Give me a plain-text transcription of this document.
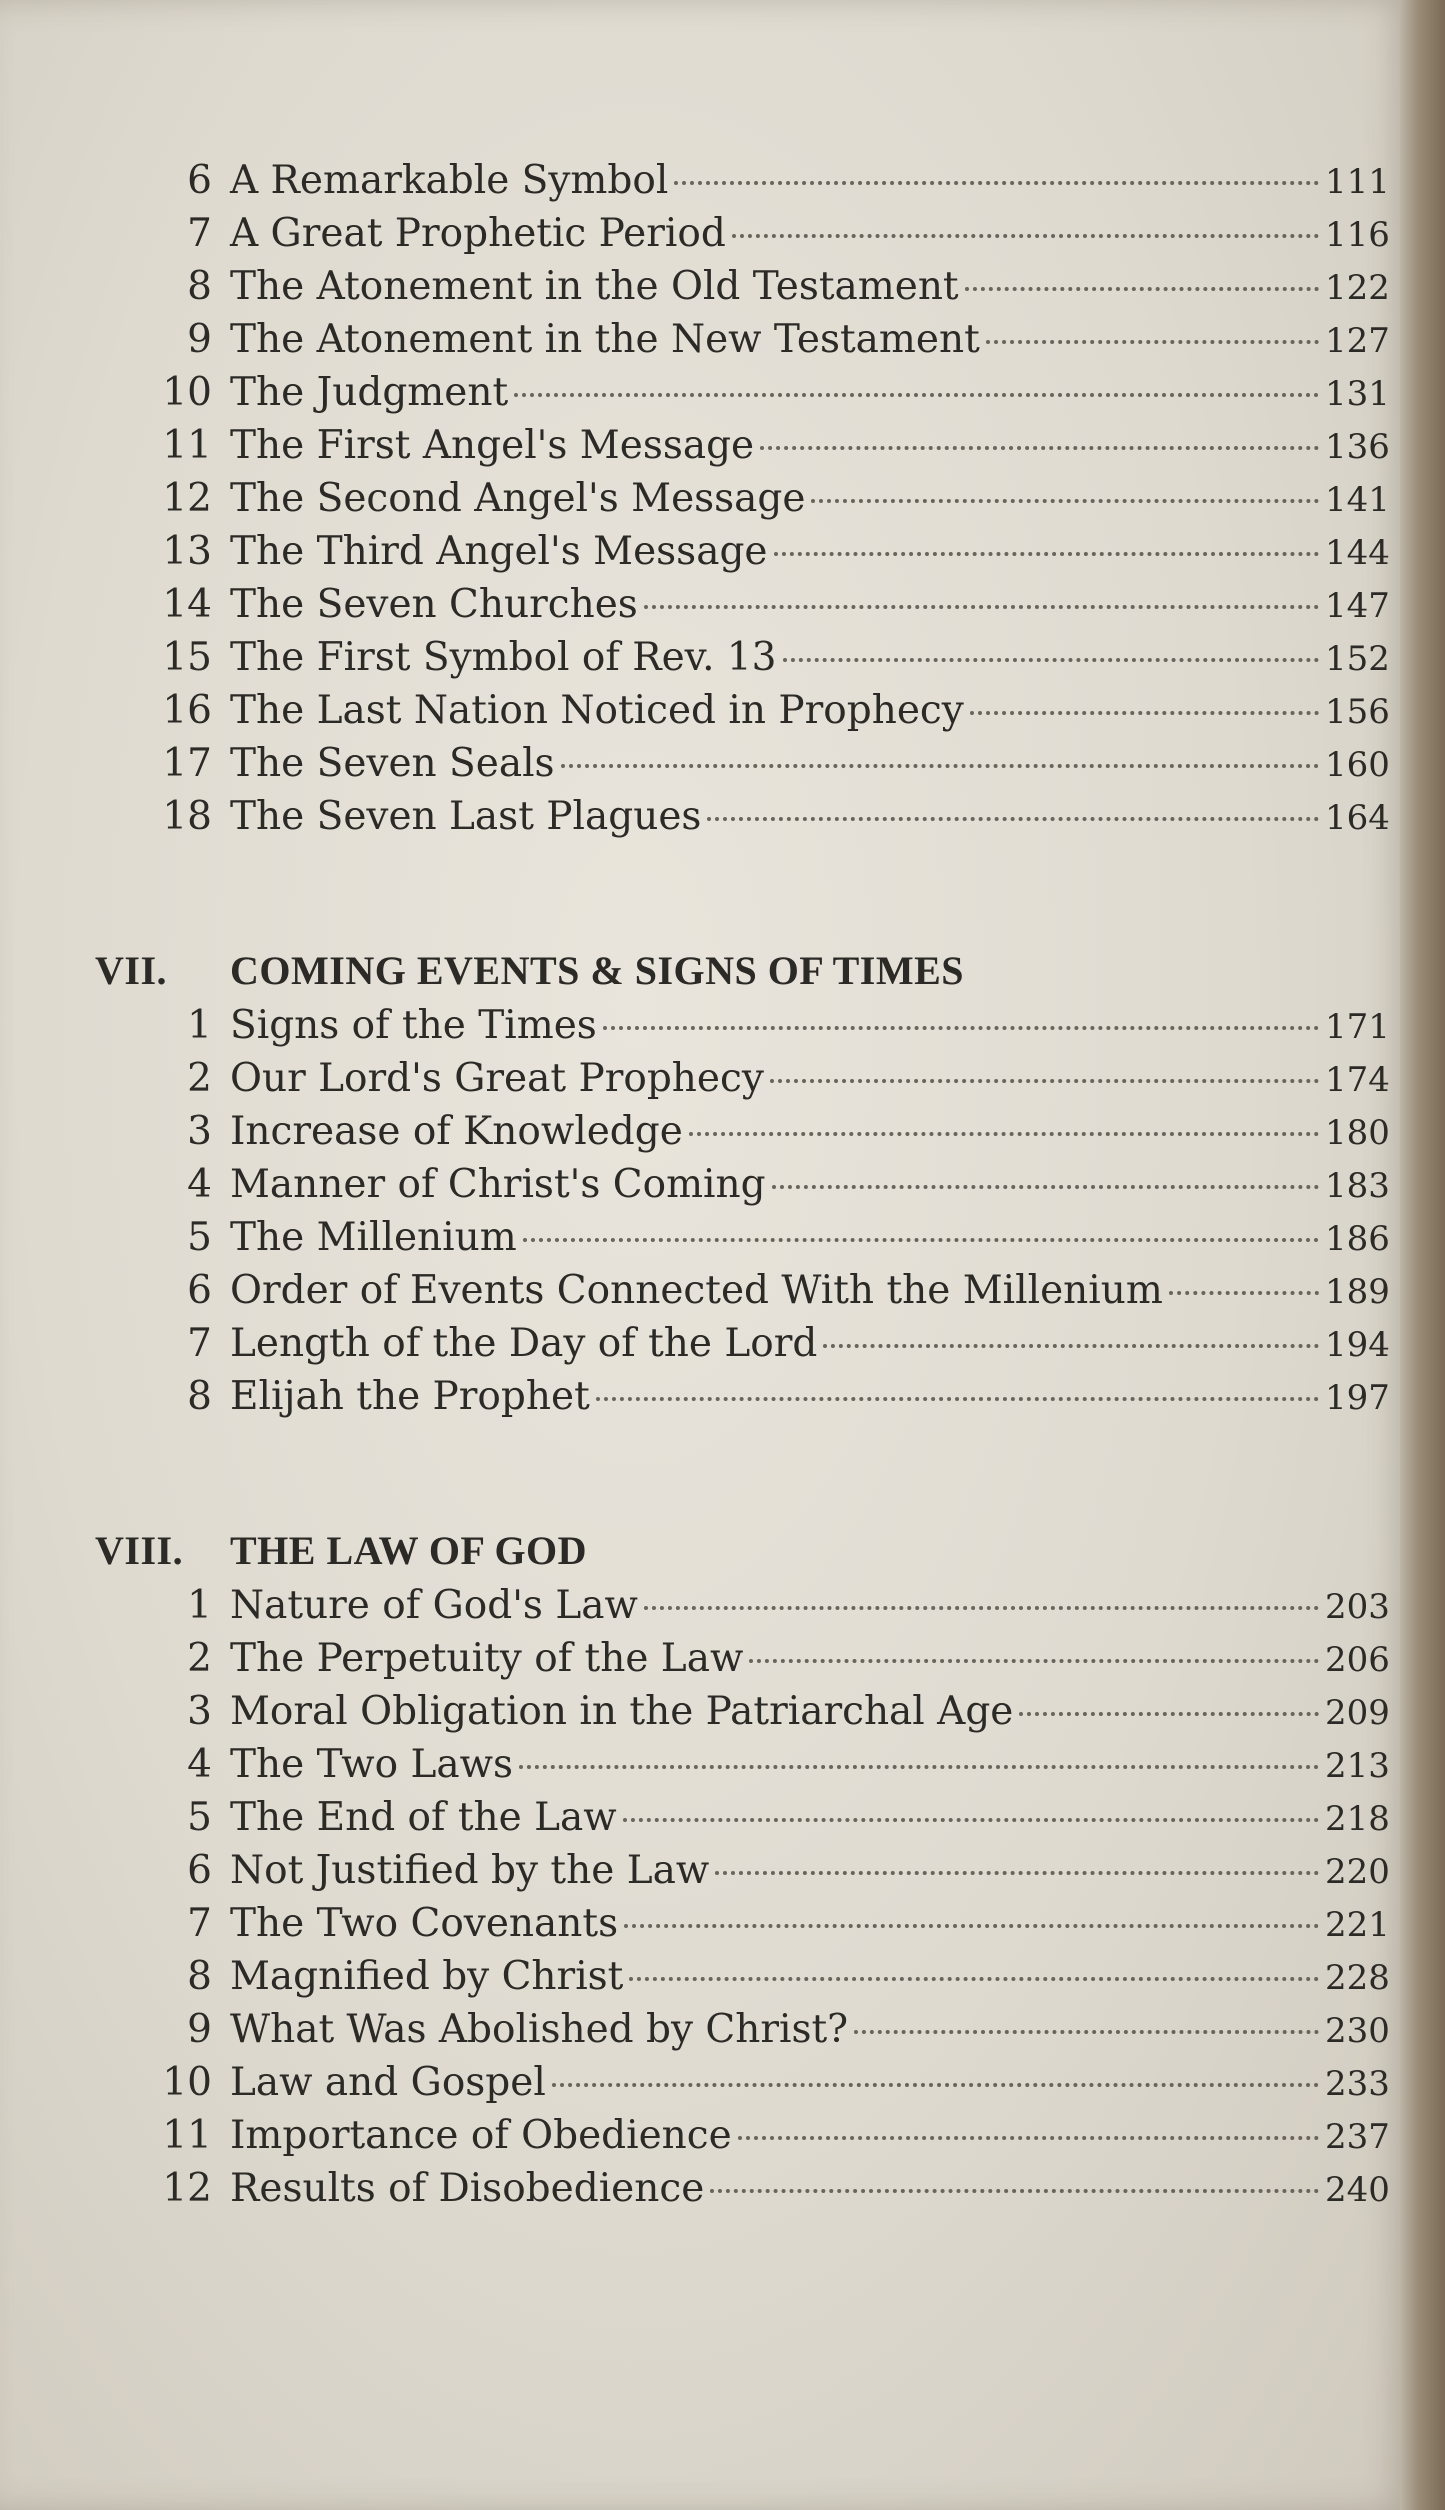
6 A Remarkable Symbol	111
7 A Great Prophetic Period	116
8 The Atonement in the Old Testament	122
9 The Atonement in the New Testament	127
10 The Judgment	131
11 The First Angel's Message	136
12 The Second Angel's Message	141
13 The Third Angel's Message	144
14 The Seven Churches	147
15 The First Symbol of Rev. 13	152
16 The Last Nation Noticed in Prophecy	156
17 The Seven Seals	160
18 The Seven Last Plagues	164
VII.	COMING EVENTS & SIGNS OF TIMES
1 Signs of the Times	171
2 Our Lord's Great Prophecy	174
3 Increase of Knowledge	180
4 Manner of Christ's Coming	183
5 The Millenium	186
6 Order of Events Connected With the Millenium	189
7 Length of the Day of the Lord	194
8 Elijah the Prophet	197
VIII.	THE LAW OF GOD
1 Nature of God's Law	203
2 The Perpetuity of the Law	206
3 Moral Obligation in the Patriarchal Age	209
4 The Two Laws	213
5 The End of the Law	218
6 Not Justified by the Law	220
7 The Two Covenants	221
8 Magnified by Christ	228
9 What Was Abolished by Christ?	230
10 Law and Gospel	233
11 Importance of Obedience	237
12 Results of Disobedience	240
